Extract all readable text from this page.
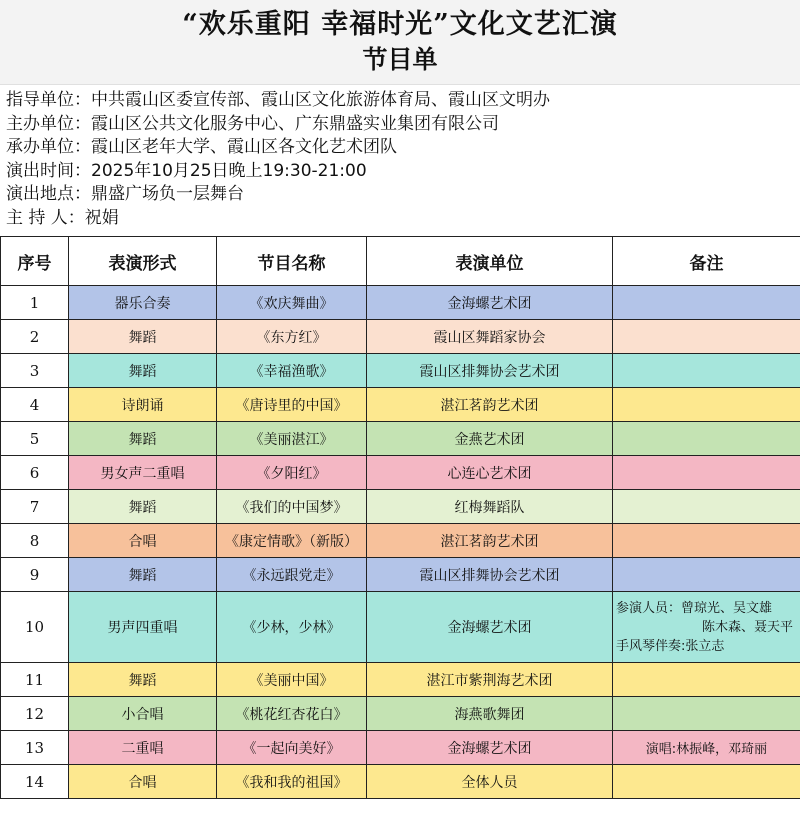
“欢乐重阳 幸福时光”文化文艺汇演
节目单
指导单位：中共霞山区委宣传部、霞山区文化旅游体育局、霞山区文明办
主办单位：霞山区公共文化服务中心、广东鼎盛实业集团有限公司
承办单位：霞山区老年大学、霞山区各文化艺术团队
演出时间：2025年10月25日晚上19:30-21:00
演出地点：鼎盛广场负一层舞台
主 持 人：祝娟
序号	表演形式	节目名称	表演单位	备注
1	器乐合奏	《欢庆舞曲》	金海螺艺术团	
2	舞蹈	《东方红》	霞山区舞蹈家协会	
3	舞蹈	《幸福渔歌》	霞山区排舞协会艺术团	
4	诗朗诵	《唐诗里的中国》	湛江茗韵艺术团	
5	舞蹈	《美丽湛江》	金燕艺术团	
6	男女声二重唱	《夕阳红》	心连心艺术团	
7	舞蹈	《我们的中国梦》	红梅舞蹈队	
8	合唱	《康定情歌》（新版）	湛江茗韵艺术团	
9	舞蹈	《永远跟党走》	霞山区排舞协会艺术团	
10	男声四重唱	《少林，少林》	金海螺艺术团	参演人员：曾琼光、吴文雄
陈木森、聂天平
手风琴伴奏:张立志

11	舞蹈	《美丽中国》	湛江市紫荆海艺术团	
12	小合唱	《桃花红杏花白》	海燕歌舞团	
13	二重唱	《一起向美好》	金海螺艺术团	演唱:林振峰，邓琦丽
14	合唱	《我和我的祖国》	全体人员	
